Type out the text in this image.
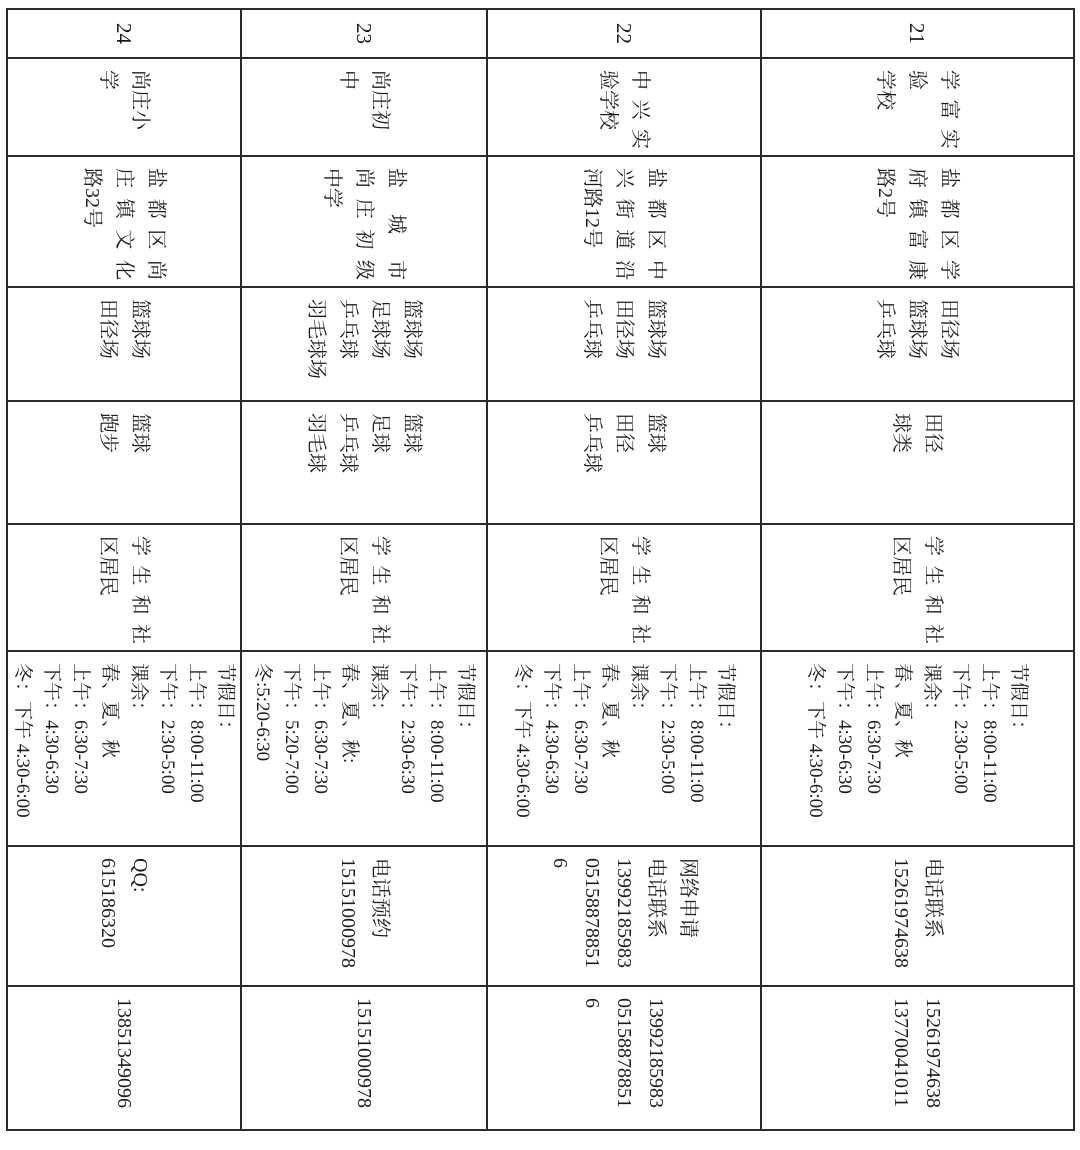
21
学富实验
学校
盐都区学
府镇富康
路2号
田径场
篮球场
乒乓球
田径
球类
学生和社
区居民
节假日：
上午：8:00-11:00
下午：2:30-5:00
课余：
春、夏、秋
上午：6:30-7:30
下午：4:30-6:30
冬：下午 4:30-6:00
电话联系
15261974638
15261974638
13770041011
22
中兴实
验学校
盐都区中
兴街道沿
河路12号
篮球场
田径场
乒乓球
篮球
田径
乒乓球
学生和社
区居民
节假日：
上午：8:00-11:00
下午：2:30-5:00
课余：
春、夏、秋
上午：6:30-7:30
下午：4:30-6:30
冬：下午 4:30-6:00
网络申请
电话联系
13992185983
05158878851
6
13992185983
05158878851
6
23
尚庄初中
盐城市
尚庄初级
中学
篮球场
足球场
乒乓球
羽毛球场
篮球
足球
乒乓球
羽毛球
学生和社
区居民
节假日：
上午：8:00-11:00
下午：2:30-6:30
课余：
春、夏、秋:
上午：6:30-7:30
下午：5:20-7:00
冬:5:20-6:30
电话预约
15151000978
15151000978
24
尚庄小学
盐都区尚
庄镇文化
路32号
篮球场
田径场
篮球
跑步
学生和社
区居民
节假日：
上午：8:00-11:00
下午：2:30-5:00
课余：
春、夏、秋
上午：6:30-7:30
下午：4:30-6:30
冬：下午 4:30-6:00
QQ:
615186320
13851349096
